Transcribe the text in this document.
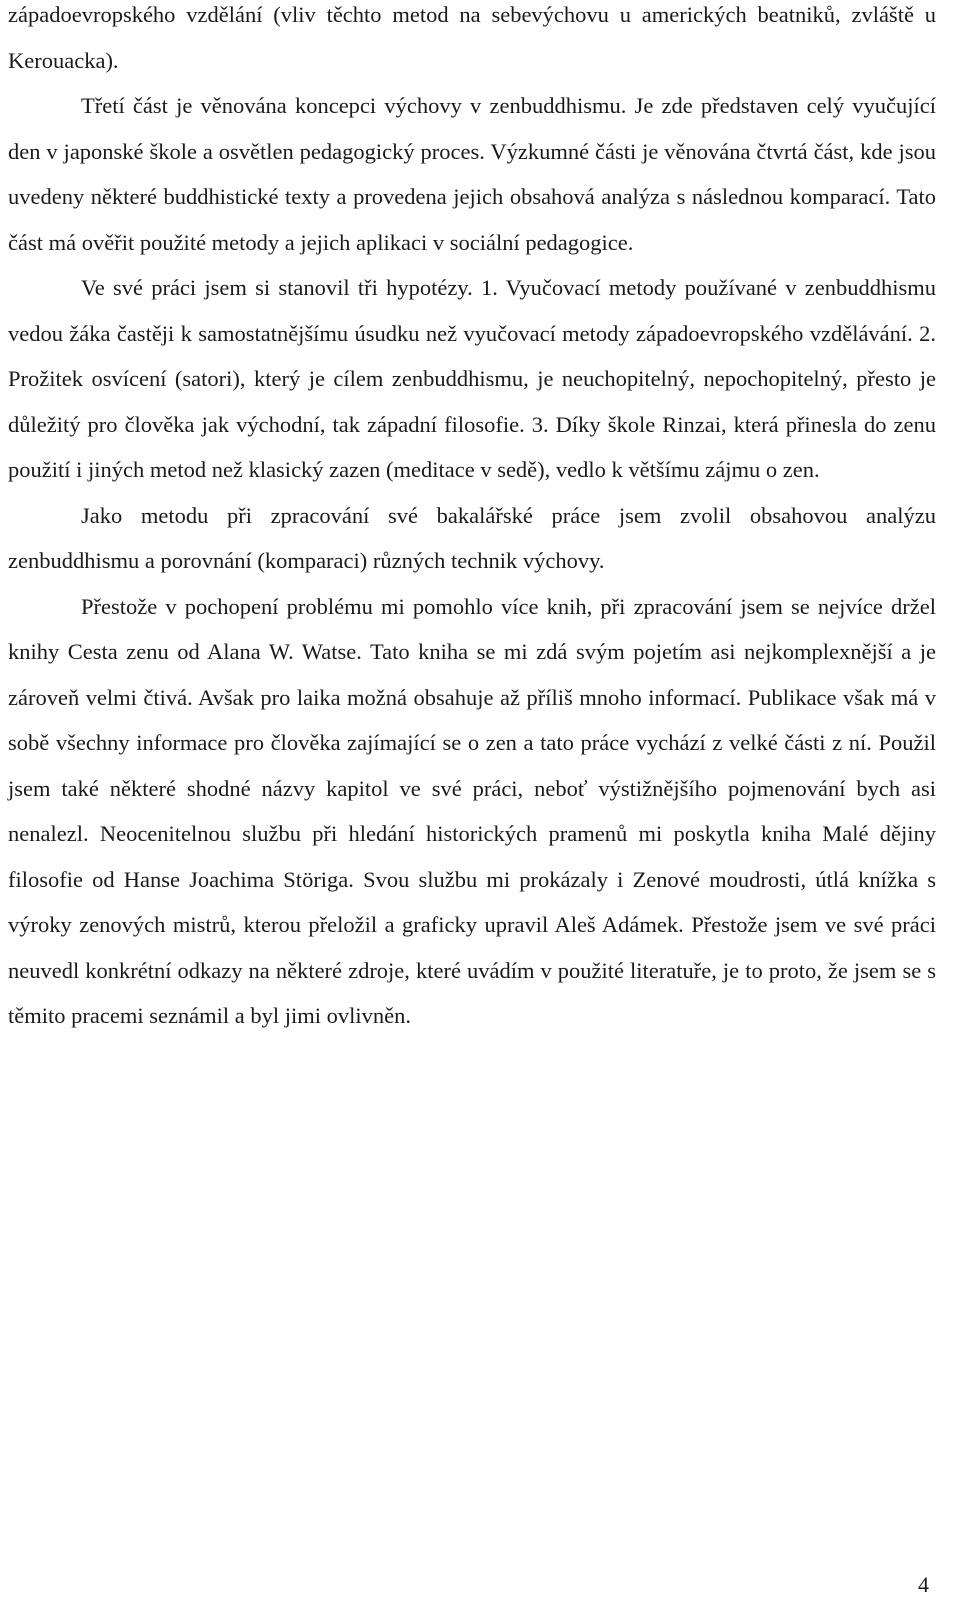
západoevropského vzdělání (vliv těchto metod na sebevýchovu u amerických beatniků, zvláště u Kerouacka).

Třetí část je věnována koncepci výchovy v zenbuddhismu. Je zde představen celý vyučující den v japonské škole a osvětlen pedagogický proces. Výzkumné části je věnována čtvrtá část, kde jsou uvedeny některé buddhistické texty a provedena jejich obsahová analýza s následnou komparací. Tato část má ověřit použité metody a jejich aplikaci v sociální pedagogice.

Ve své práci jsem si stanovil tři hypotézy. 1. Vyučovací metody používané v zenbuddhismu vedou žáka častěji k samostatnějšímu úsudku než vyučovací metody západoevropského vzdělávání. 2. Prožitek osvícení (satori), který je cílem zenbuddhismu, je neuchopitelný, nepochopitelný, přesto je důležitý pro člověka jak východní, tak západní filosofie. 3. Díky škole Rinzai, která přinesla do zenu použití i jiných metod než klasický zazen (meditace v sedě), vedlo k většímu zájmu o zen.

Jako metodu při zpracování své bakalářské práce jsem zvolil obsahovou analýzu zenbuddhismu a porovnání (komparaci) různých technik výchovy.

Přestože v pochopení problému mi pomohlo více knih, při zpracování jsem se nejvíce držel knihy Cesta zenu od Alana W. Watse. Tato kniha se mi zdá svým pojetím asi nejkomplexnější a je zároveň velmi čtivá. Avšak pro laika možná obsahuje až příliš mnoho informací. Publikace však má v sobě všechny informace pro člověka zajímající se o zen a tato práce vychází z velké části z ní. Použil jsem také některé shodné názvy kapitol ve své práci, neboť výstižnějšího pojmenování bych asi nenalezl. Neocenitelnou službu při hledání historických pramenů mi poskytla kniha Malé dějiny filosofie od Hanse Joachima Störiga. Svou službu mi prokázaly i Zenové moudrosti, útlá knížka s výroky zenových mistrů, kterou přeložil a graficky upravil Aleš Adámek. Přestože jsem ve své práci neuvedl konkrétní odkazy na některé zdroje, které uvádím v použité literatuře, je to proto, že jsem se s těmito pracemi seznámil a byl jimi ovlivněn.

4
